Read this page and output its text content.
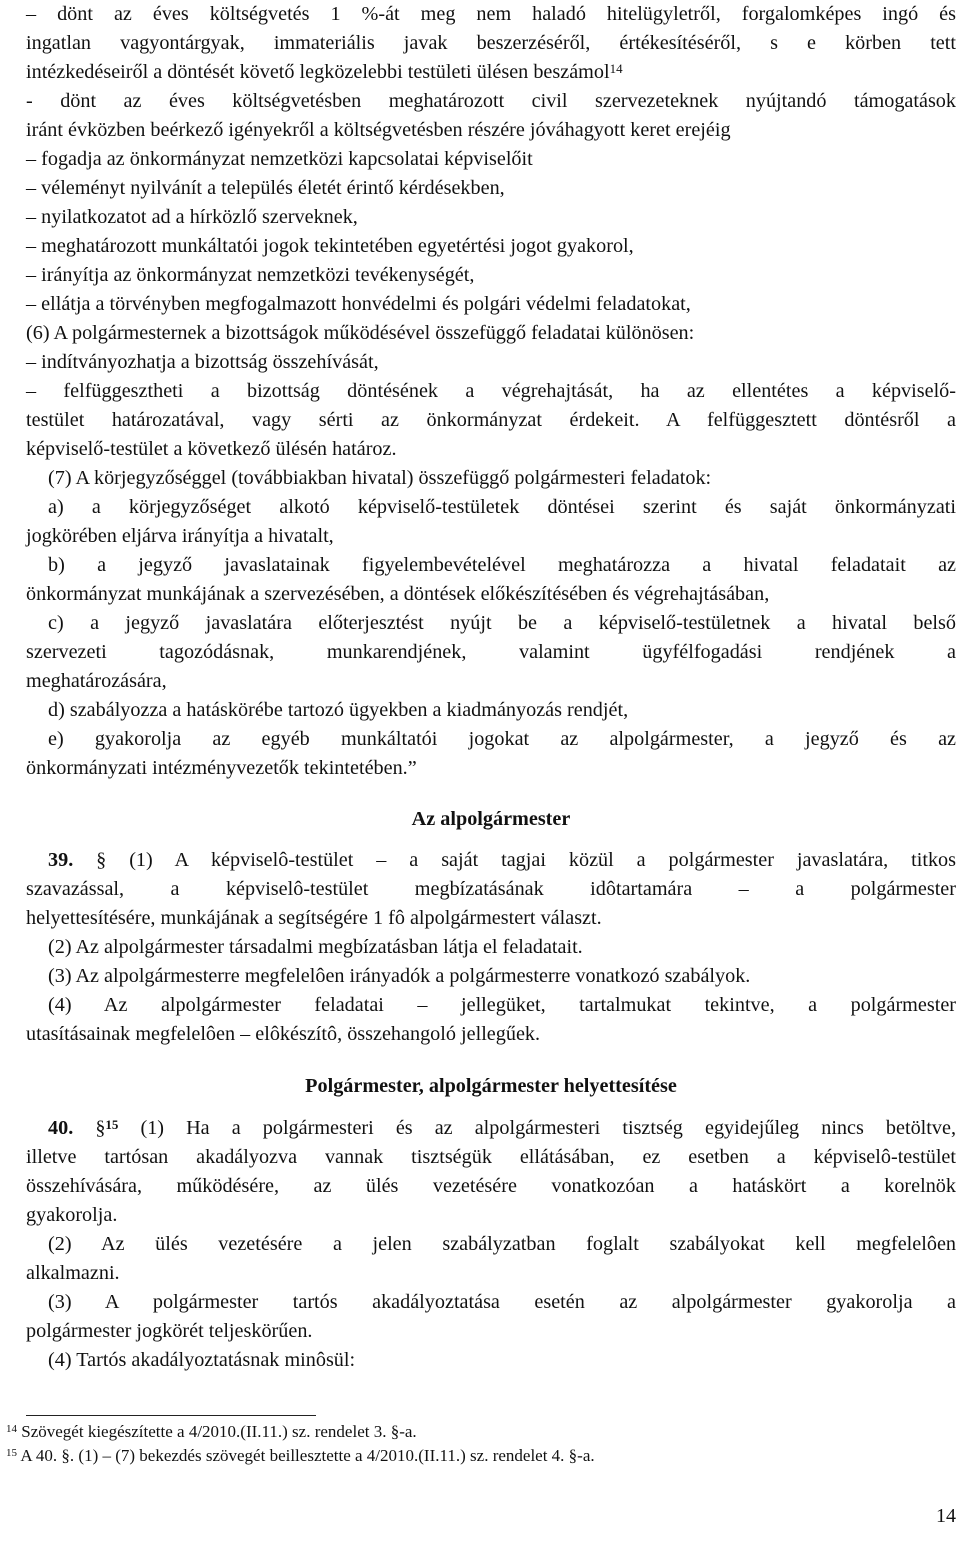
– dönt az éves költségvetés 1 %-át meg nem haladó hitelügyletről, forgalomképes ingó és
ingatlan vagyontárgyak, immateriális javak beszerzéséről, értékesítéséről, s e körben tett
intézkedéseiről a döntését követő legközelebbi testületi ülésen beszámol$^{14}$
- dönt az éves költségvetésben meghatározott civil szervezeteknek nyújtandó támogatások
iránt évközben beérkező igényekről a költségvetésben részére jóváhagyott keret erejéig
– fogadja az önkormányzat nemzetközi kapcsolatai képviselőit
– véleményt nyilvánít a település életét érintő kérdésekben,
– nyilatkozatot ad a hírközlő szerveknek,
– meghatározott munkáltatói jogok tekintetében egyetértési jogot gyakorol,
– irányítja az önkormányzat nemzetközi tevékenységét,
– ellátja a törvényben megfogalmazott honvédelmi és polgári védelmi feladatokat,
(6) A polgármesternek a bizottságok működésével összefüggő feladatai különösen:
– indítványozhatja a bizottság összehívását,
– felfüggesztheti a bizottság döntésének a végrehajtását, ha az ellentétes a képviselő-
testület határozatával, vagy sérti az önkormányzat érdekeit. A felfüggesztett döntésről a
képviselő-testület a következő ülésén határoz.
(7) A körjegyzőséggel (továbbiakban hivatal) összefüggő polgármesteri feladatok:
a) a körjegyzőséget alkotó képviselő-testületek döntései szerint és saját önkormányzati
jogkörében eljárva irányítja a hivatalt,
b) a jegyző javaslatainak figyelembevételével meghatározza a hivatal feladatait az
önkormányzat munkájának a szervezésében, a döntések előkészítésében és végrehajtásában,
c) a jegyző javaslatára előterjesztést nyújt be a képviselő-testületnek a hivatal belső
szervezeti tagozódásnak, munkarendjének, valamint ügyfélfogadási rendjének a
meghatározására,
d) szabályozza a hatáskörébe tartozó ügyekben a kiadmányozás rendjét,
e) gyakorolja az egyéb munkáltatói jogokat az alpolgármester, a jegyző és az
önkormányzati intézményvezetők tekintetében.”
Az alpolgármester
39. § (1) A képviselô-testület – a saját tagjai közül a polgármester javaslatára, titkos
szavazással, a képviselô-testület megbízatásának idôtartamára – a polgármester
helyettesítésére, munkájának a segítségére 1 fô alpolgármestert választ.
(2) Az alpolgármester társadalmi megbízatásban látja el feladatait.
(3) Az alpolgármesterre megfelelôen irányadók a polgármesterre vonatkozó szabályok.
(4) Az alpolgármester feladatai – jellegüket, tartalmukat tekintve, a polgármester
utasításainak megfelelôen – elôkészítô, összehangoló jellegűek.
Polgármester, alpolgármester helyettesítése
40. §$^{15}$ (1) Ha a polgármesteri és az alpolgármesteri tisztség egyidejűleg nincs betöltve,
illetve tartósan akadályozva vannak tisztségük ellátásában, ez esetben a képviselô-testület
összehívására, működésére, az ülés vezetésére vonatkozóan a hatáskört a korelnök
gyakorolja.
(2) Az ülés vezetésére a jelen szabályzatban foglalt szabályokat kell megfelelôen
alkalmazni.
(3) A polgármester tartós akadályoztatása esetén az alpolgármester gyakorolja a
polgármester jogkörét teljeskörűen.
(4) Tartós akadályoztatásnak minôsül:
$^{14}$ Szövegét kiegészítette a 4/2010.(II.11.) sz. rendelet 3. §-a.
$^{15}$ A 40. §. (1) – (7) bekezdés szövegét beillesztette a 4/2010.(II.11.) sz. rendelet 4. §-a.
14
